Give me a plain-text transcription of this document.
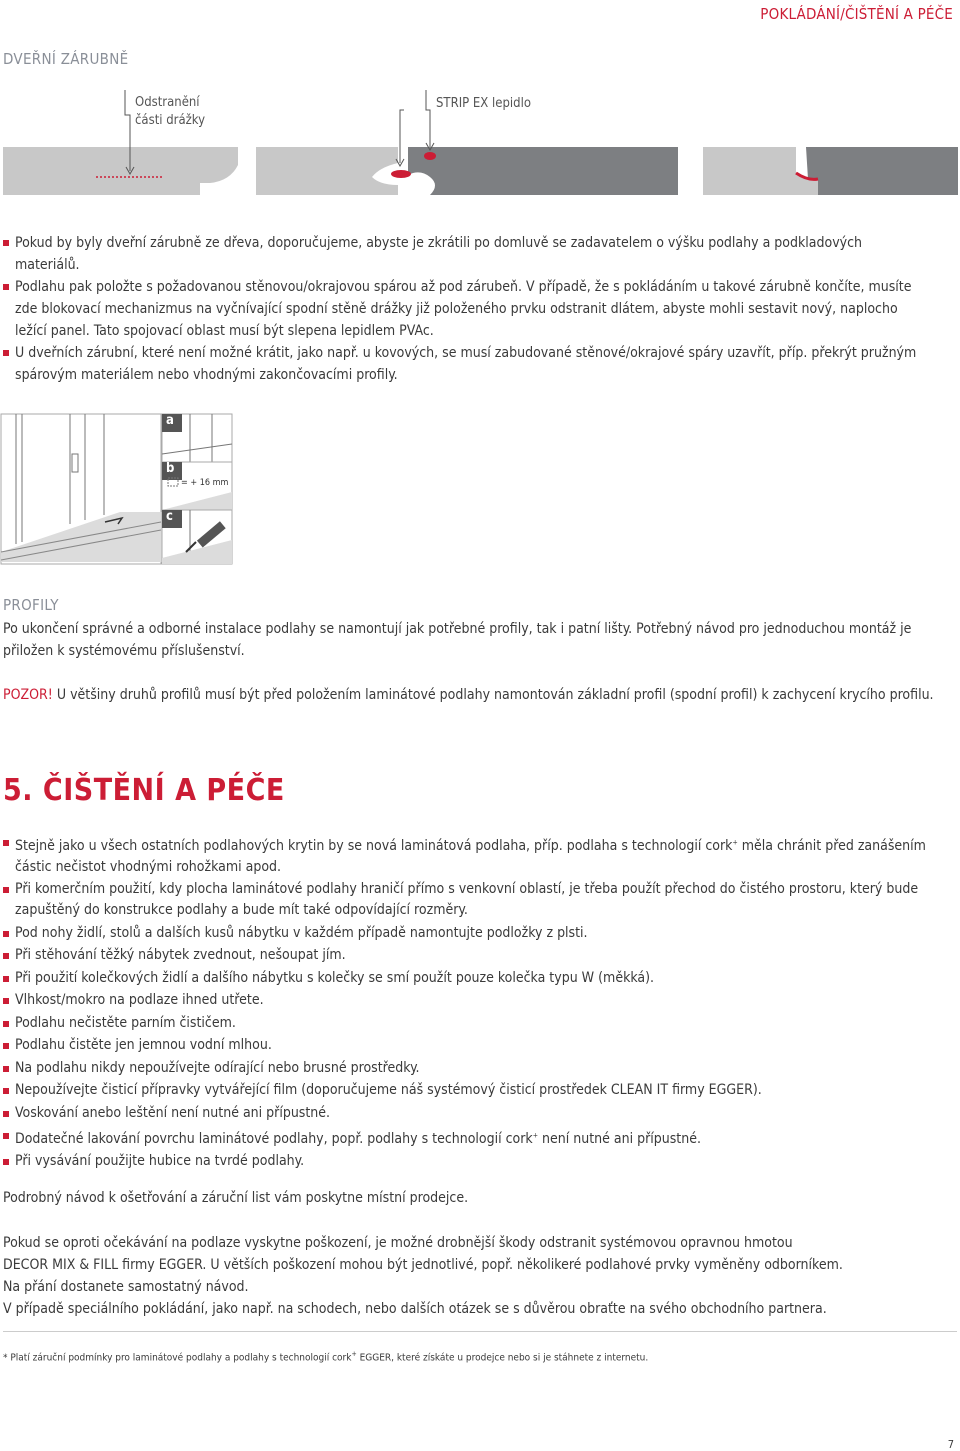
POKLÁDÁNÍ/ČIŠTĚNÍ A PÉČE
DVEŘNÍ ZÁRUBNĚ
Odstranění
části drážky
STRIP EX lepidlo
Pokud by byly dveřní zárubně ze dřeva, doporučujeme, abyste je zkrátili po domluvě se zadavatelem o výšku podlahy a podkladových materiálů.
Podlahu pak položte s požadovanou stěnovou/okrajovou spárou až pod zárubeň. V případě, že s pokládáním u takové zárubně končíte, musíte zde blokovací mechanizmus na vyčnívající spodní stěně drážky již položeného prvku odstranit dlátem, abyste mohli sestavit nový, naplocho ležící panel. Tato spojovací oblast musí být slepena lepidlem PVAc.
U dveřních zárubní, které není možné krátit, jako např. u kovových, se musí zabudované stěnové/okrajové spáry uzavřít, příp. překrýt pružným spárovým materiálem nebo vhodnými zakončovacími profily.
a
b
c
= + 16 mm
PROFILY
Po ukončení správné a odborné instalace podlahy se namontují jak potřebné profily, tak i patní lišty. Potřebný návod pro jednoduchou montáž je přiložen k systémovému příslušenství.
POZOR! U většiny druhů profilů musí být před položením laminátové podlahy namontován základní profil (spodní profil) k zachycení krycího profilu.
5. ČIŠTĚNÍ A PÉČE
Stejně jako u všech ostatních podlahových krytin by se nová laminátová podlaha, příp. podlaha s technologií cork+ měla chránit před zanášením částic nečistot vhodnými rohožkami apod.
Při komerčním použití, kdy plocha laminátové podlahy hraničí přímo s venkovní oblastí, je třeba použít přechod do čistého prostoru, který bude zapuštěný do konstrukce podlahy a bude mít také odpovídající rozměry.
Pod nohy židlí, stolů a dalších kusů nábytku v každém případě namontujte podložky z plsti.
Při stěhování těžký nábytek zvednout, nešoupat jím.
Při použití kolečkových židlí a dalšího nábytku s kolečky se smí použít pouze kolečka typu W (měkká).
Vlhkost/mokro na podlaze ihned utřete.
Podlahu nečistěte parním čističem.
Podlahu čistěte jen jemnou vodní mlhou.
Na podlahu nikdy nepoužívejte odírající nebo brusné prostředky.
Nepoužívejte čisticí přípravky vytvářející film (doporučujeme náš systémový čisticí prostředek CLEAN IT firmy EGGER).
Voskování anebo leštění není nutné ani přípustné.
Dodatečné lakování povrchu laminátové podlahy, popř. podlahy s technologií cork+ není nutné ani přípustné.
Při vysávání použijte hubice na tvrdé podlahy.
Podrobný návod k ošetřování a záruční list vám poskytne místní prodejce.
Pokud se oproti očekávání na podlaze vyskytne poškození, je možné drobnější škody odstranit systémovou opravnou hmotou
DECOR MIX & FILL firmy EGGER. U větších poškození mohou být jednotlivé, popř. několikeré podlahové prvky vyměněny odborníkem.
Na přání dostanete samostatný návod.
V případě speciálního pokládání, jako např. na schodech, nebo dalších otázek se s důvěrou obraťte na svého obchodního partnera.
* Platí záruční podmínky pro laminátové podlahy a podlahy s technologií cork+ EGGER, které získáte u prodejce nebo si je stáhnete z internetu.
7
